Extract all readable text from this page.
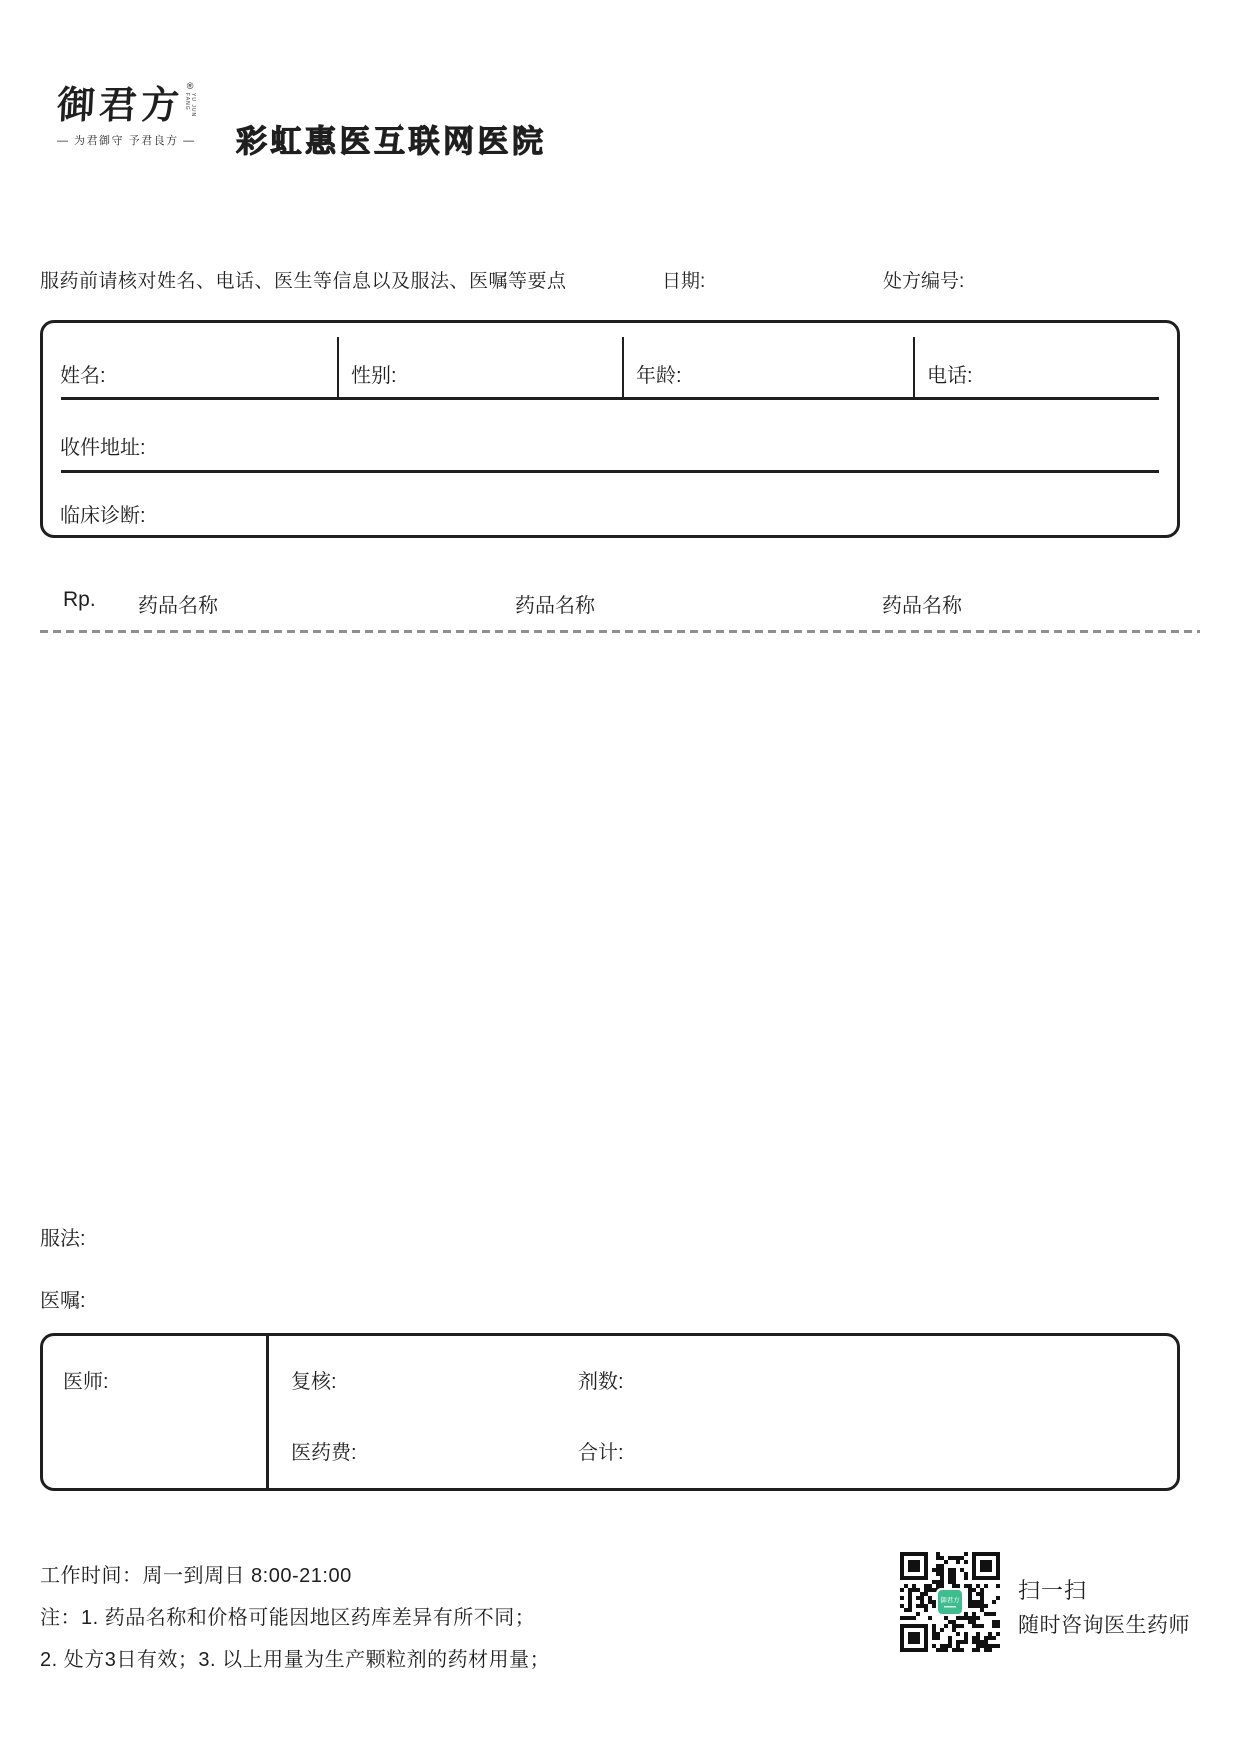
御君方 ®
YU JUN FANG
— 为君御守 予君良方 —	彩虹惠医互联网医院
服药前请核对姓名、电话、医生等信息以及服法、医嘱等要点	日期:	处方编号:
姓名:	性别:	年龄:	电话:
收件地址:
临床诊断:
Rp. 药品名称	药品名称	药品名称
服法:
医嘱:
医师:	复核:	剂数:
医药费:	合计:
工作时间：周一到周日 8:00-21:00
注：1. 药品名称和价格可能因地区药库差异有所不同；
2. 处方3日有效；3. 以上用量为生产颗粒剂的药材用量；
御君方	扫一扫
随时咨询医生药师
